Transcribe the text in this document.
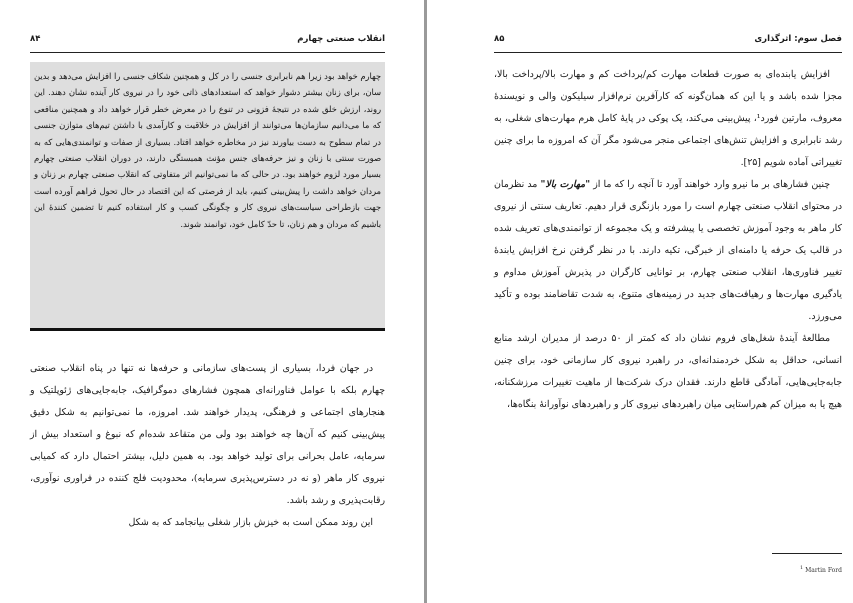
انقلاب صنعتی چهارم
۸۴

چهارم خواهد بود زیرا هم نابرابری جنسی را در کل و همچنین شکاف جنسی را افزایش می‌دهد و بدین سان، برای زنان بیشتر دشوار خواهد که استعدادهای ذاتی خود را در نیروی کار آینده نشان دهند. این روند، ارزش خلق شده در نتیجهٔ فزونی در تنوع را در معرض خطر قرار خواهد داد و همچنین منافعی که ما می‌دانیم سازمان‌ها می‌توانند از افزایش در خلاقیت و کارآمدی با داشتن تیم‌های متوازن جنسی در تمام سطوح به دست بیاورند نیز در مخاطره خواهد افتاد. بسیاری از صفات و توانمندی‌هایی که به صورت سنتی با زنان و نیز حرفه‌های جنس مؤنث همبستگی دارند، در دوران انقلاب صنعتی چهارم بسیار مورد لزوم خواهند بود. در حالی که ما نمی‌توانیم اثر متفاوتی که انقلاب صنعتی چهارم بر زنان و مردان خواهد داشت را پیش‌بینی کنیم، باید از فرصتی که این اقتصاد در حال تحول فراهم آورده است جهت بازطراحی سیاست‌های نیروی کار و چگونگی کسب و کار استفاده کنیم تا تضمین کنندهٔ این باشیم که مردان و هم زنان، تا حدّ کامل خود، توانمند شوند.

در جهان فردا، بسیاری از پست‌های سازمانی و حرفه‌ها نه تنها در پناه انقلاب صنعتی چهارم بلکه با عوامل فناورانه‌ای همچون فشارهای دموگرافیک، جابه‌جایی‌های ژئوپلتیک و هنجارهای اجتماعی و فرهنگی، پدیدار خواهند شد. امروزه، ما نمی‌توانیم به شکل دقیق پیش‌بینی کنیم که آن‌ها چه خواهند بود ولی من متقاعد شده‌ام که نبوغ و استعداد بیش از سرمایه، عامل بحرانی برای تولید خواهد بود. به همین دلیل، بیشتر احتمال دارد که کمیابی نیروی کار ماهر (و نه در دسترس‌پذیری سرمایه)، محدودیت فلج کننده در فراوری نوآوری، رقابت‌پذیری و رشد باشد.

این روند ممکن است به خیزش بازار شغلی بیانجامد که به شکل

فصل سوم: اثرگذاری
۸۵

افزایش یابنده‌ای به صورت قطعات مهارت کم/پرداخت کم و مهارت بالا/پرداخت بالا، مجزا شده باشد و یا این که همان‌گونه که کارآفرین نرم‌افزار سیلیکون والی و نویسندهٔ معروف، مارتین فورد¹، پیش‌بینی می‌کند، یک پوکی در پایهٔ کامل هرم مهارت‌های شغلی، به رشد نابرابری و افزایش تنش‌های اجتماعی منجر می‌شود مگر آن که امروزه ما برای چنین تغییراتی آماده شویم [۲۵].

چنین فشارهای بر ما نیرو وارد خواهند آورد تا آنچه را که ما از "مهارت بالا" مد نظرمان در محتوای انقلاب صنعتی چهارم است را مورد بازنگری قرار دهیم. تعاریف سنتی از نیروی کار ماهر به وجود آموزش تخصصی یا پیشرفته و یک مجموعه از توانمندی‌های تعریف شده در قالب یک حرفه یا دامنه‌ای از خبرگی، تکیه دارند. با در نظر گرفتن نرخ افزایش یابندهٔ تغییر فناوری‌ها، انقلاب صنعتی چهارم، بر توانایی کارگران در پذیرش آموزش مداوم و یادگیری مهارت‌ها و رهیافت‌های جدید در زمینه‌های متنوع، به شدت تقاضامند بوده و تأکید می‌ورزد.

مطالعهٔ آیندهٔ شغل‌های فروم نشان داد که کمتر از ۵۰ درصد از مدیران ارشد منابع انسانی، حداقل به شکل خردمندانه‌ای، در راهبرد نیروی کار سازمانی خود، برای چنین جابه‌جایی‌هایی، آمادگی قاطع دارند. فقدان درک شرکت‌ها از ماهیت تغییرات مرزشکنانه، هیچ یا به میزان کم هم‌راستایی میان راهبردهای نیروی کار و راهبردهای نوآورانهٔ بنگاه‌ها،

$^1$ Martin Ford
